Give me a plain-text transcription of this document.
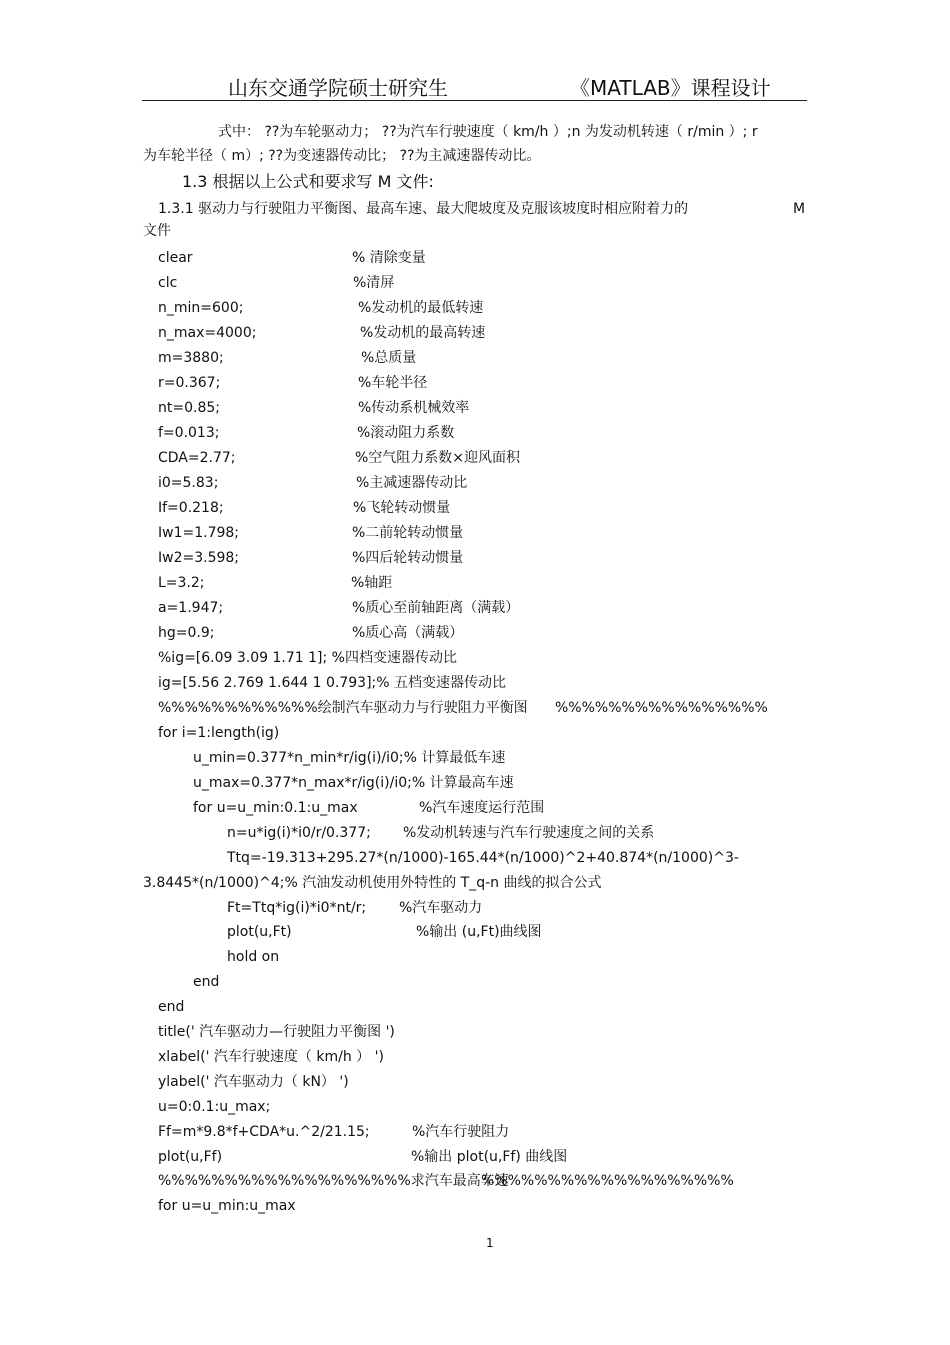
山东交通学院硕士研究生	《MATLAB》课程设计
式中： ??为车轮驱动力； ??为汽车行驶速度（ km/h ）;n 为发动机转速（ r/min ）; r
为车轮半径（ m）; ??为变速器传动比； ??为主减速器传动比。
1.3 根据以上公式和要求写 M 文件:
1.3.1 驱动力与行驶阻力平衡图、最高车速、最大爬坡度及克服该坡度时相应附着力的	M
文件
clear	% 清除变量
clc	%清屏
n_min=600;	%发动机的最低转速
n_max=4000;	%发动机的最高转速
m=3880;	%总质量
r=0.367;	%车轮半径
nt=0.85;	%传动系机械效率
f=0.013;	%滚动阻力系数
CDA=2.77;	%空气阻力系数×迎风面积
i0=5.83;	%主减速器传动比
If=0.218;	%飞轮转动惯量
Iw1=1.798;	%二前轮转动惯量
Iw2=3.598;	%四后轮转动惯量
L=3.2;	%轴距
a=1.947;	%质心至前轴距离（满载）
hg=0.9;	%质心高（满载）
%ig=[6.09 3.09 1.71 1]; %四档变速器传动比
ig=[5.56 2.769 1.644 1 0.793];% 五档变速器传动比
%%%%%%%%%%%%绘制汽车驱动力与行驶阻力平衡图 %%%%%%%%%%%%%%%%
for i=1:length(ig)
u_min=0.377*n_min*r/ig(i)/i0;% 计算最低车速
u_max=0.377*n_max*r/ig(i)/i0;% 计算最高车速
for u=u_min:0.1:u_max	%汽车速度运行范围
n=u*ig(i)*i0/r/0.377; %发动机转速与汽车行驶速度之间的关系
Ttq=-19.313+295.27*(n/1000)-165.44*(n/1000)^2+40.874*(n/1000)^3-
3.8445*(n/1000)^4;% 汽油发动机使用外特性的 T_q-n 曲线的拟合公式
Ft=Ttq*ig(i)*i0*nt/r; %汽车驱动力
plot(u,Ft)	%输出 (u,Ft)曲线图
hold on
end
end
title(' 汽车驱动力—行驶阻力平衡图 ')
xlabel(' 汽车行驶速度（ km/h ） ')
ylabel(' 汽车驱动力（ kN） ')
u=0:0.1:u_max;
Ff=m*9.8*f+CDA*u.^2/21.15;	%汽车行驶阻力
plot(u,Ff)	%输出 plot(u,Ff) 曲线图
%%%%%%%%%%%%%%%%%%%求汽车最高车速
%%%%%%%%%%%%%%%%%%%
for u=u_min:u_max
1
